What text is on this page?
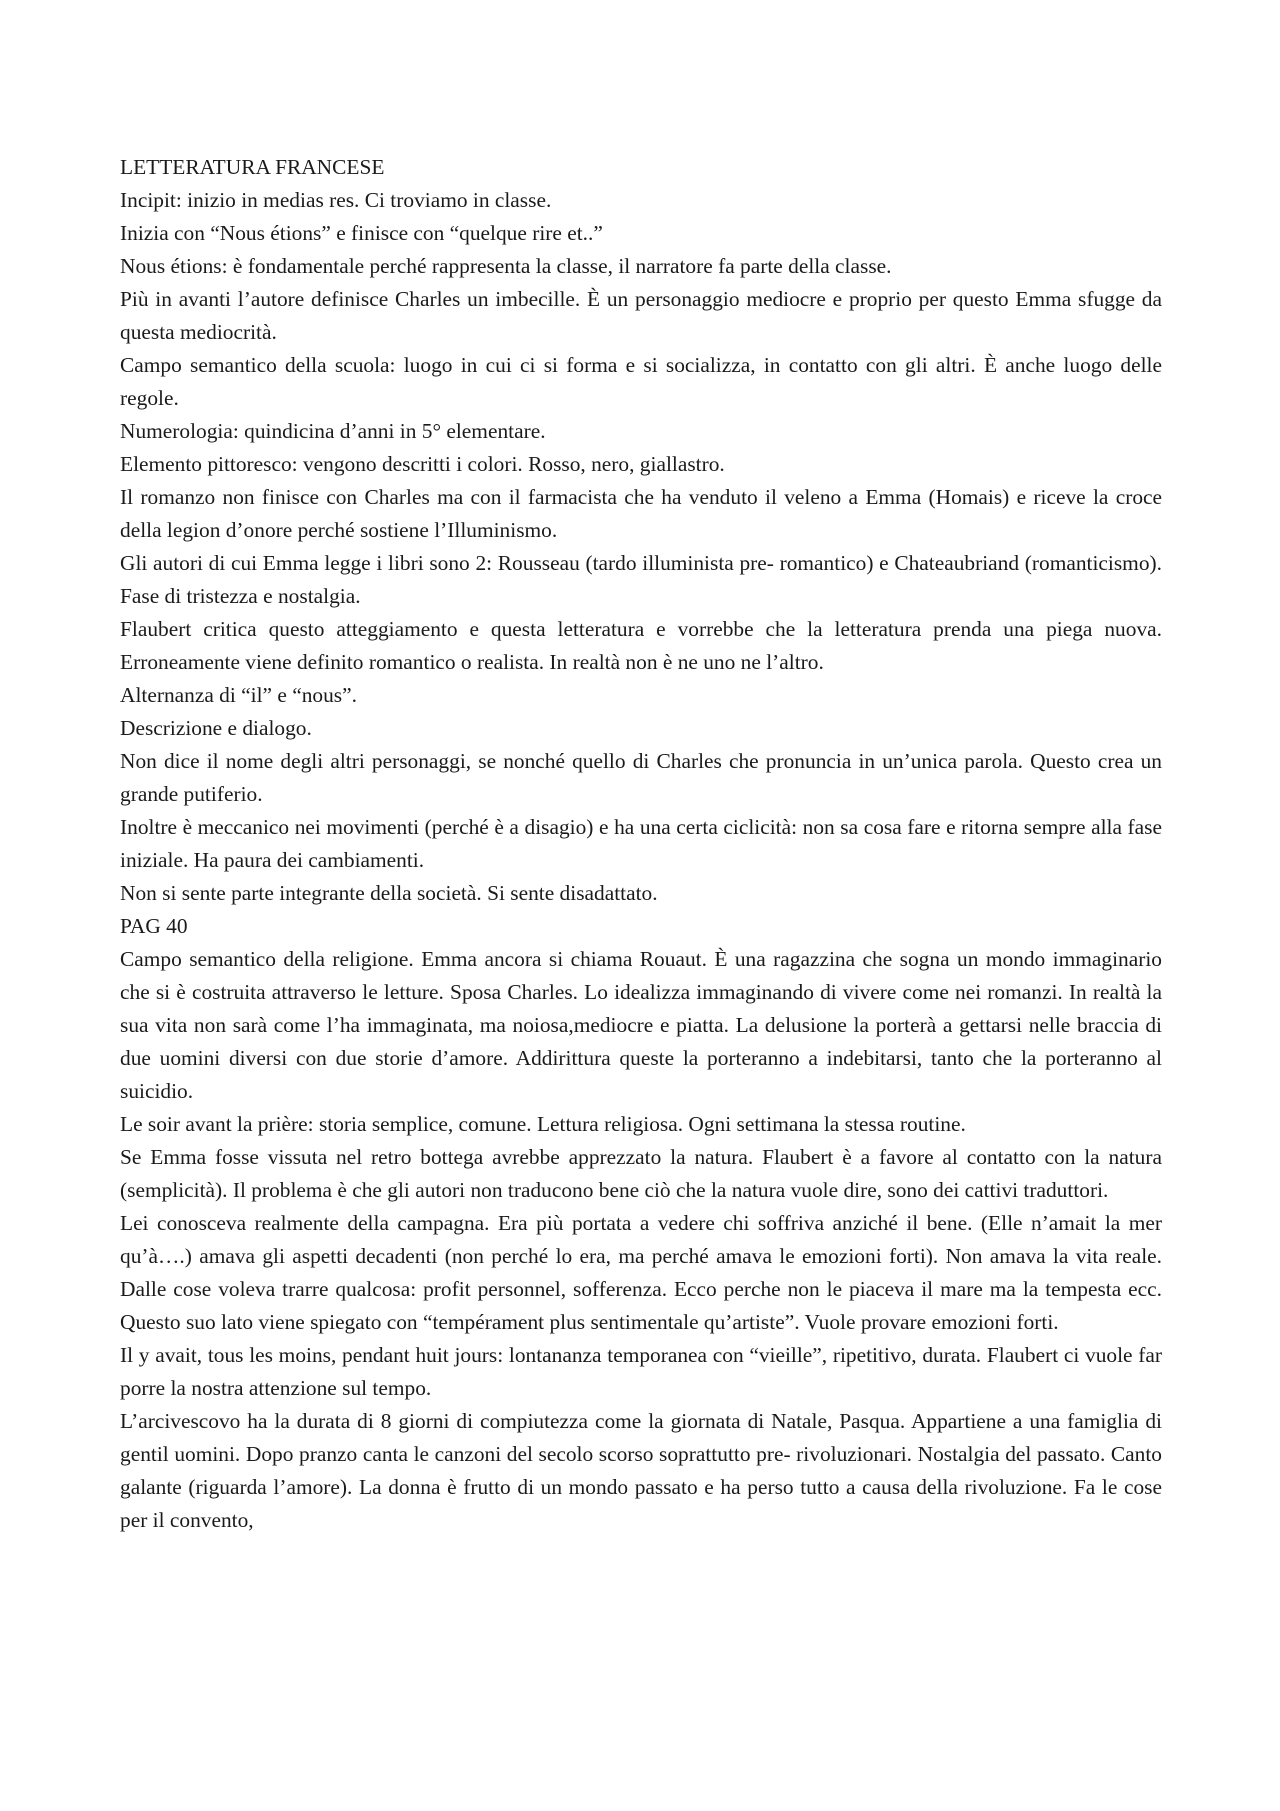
LETTERATURA FRANCESE

Incipit: inizio in medias res. Ci troviamo in classe.

Inizia con “Nous étions” e finisce con “quelque rire et..”

Nous étions: è fondamentale perché rappresenta la classe, il narratore fa parte della classe.

Più in avanti l’autore definisce Charles un imbecille. È un personaggio mediocre e proprio per questo Emma sfugge da questa mediocrità.

Campo semantico della scuola: luogo in cui ci si forma e si socializza, in contatto con gli altri. È anche luogo delle regole.

Numerologia: quindicina d’anni in 5° elementare.

Elemento pittoresco: vengono descritti i colori. Rosso, nero, giallastro.

Il romanzo non finisce con Charles ma con il farmacista che ha venduto il veleno a Emma (Homais) e riceve la croce della legion d’onore perché sostiene l’Illuminismo.

Gli autori di cui Emma legge i libri sono 2: Rousseau (tardo illuminista pre- romantico) e Chateaubriand (romanticismo). Fase di tristezza e nostalgia.

Flaubert critica questo atteggiamento e questa letteratura e vorrebbe che la letteratura prenda una piega nuova. Erroneamente viene definito romantico o realista. In realtà non è ne uno ne l’altro.

Alternanza di “il” e “nous”.

Descrizione e dialogo.

Non dice il nome degli altri personaggi, se nonché quello di Charles che pronuncia in un’unica parola. Questo crea un grande putiferio.

Inoltre è meccanico nei movimenti (perché è a disagio) e ha una certa ciclicità: non sa cosa fare e ritorna sempre alla fase iniziale. Ha paura dei cambiamenti.

Non si sente parte integrante della società. Si sente disadattato.

PAG 40

Campo semantico della religione. Emma ancora si chiama Rouaut. È una ragazzina che sogna un mondo immaginario che si è costruita attraverso le letture. Sposa Charles. Lo idealizza immaginando di vivere come nei romanzi. In realtà la sua vita non sarà come l’ha immaginata, ma noiosa,mediocre e piatta. La delusione la porterà a gettarsi nelle braccia di due uomini diversi con due storie d’amore. Addirittura queste la porteranno a indebitarsi, tanto che la porteranno al suicidio.

Le soir avant la prière: storia semplice, comune. Lettura religiosa. Ogni settimana la stessa routine.

Se Emma fosse vissuta nel retro bottega avrebbe apprezzato la natura. Flaubert è a favore al contatto con la natura (semplicità). Il problema è che gli autori non traducono bene ciò che la natura vuole dire, sono dei cattivi traduttori.

Lei conosceva realmente della campagna. Era più portata a vedere chi soffriva anziché il bene. (Elle n’amait la mer qu’à….) amava gli aspetti decadenti (non perché lo era, ma perché amava le emozioni forti). Non amava la vita reale. Dalle cose voleva trarre qualcosa: profit personnel, sofferenza. Ecco perche non le piaceva il mare ma la tempesta ecc. Questo suo lato viene spiegato con “tempérament plus sentimentale qu’artiste”. Vuole provare emozioni forti.

Il y avait, tous les moins, pendant huit jours: lontananza temporanea con “vieille”, ripetitivo, durata. Flaubert ci vuole far porre la nostra attenzione sul tempo.

L’arcivescovo ha la durata di 8 giorni di compiutezza come la giornata di Natale, Pasqua. Appartiene a una famiglia di gentil uomini. Dopo pranzo canta le canzoni del secolo scorso soprattutto pre- rivoluzionari. Nostalgia del passato. Canto galante (riguarda l’amore). La donna è frutto di un mondo passato e ha perso tutto a causa della rivoluzione. Fa le cose per il convento,
